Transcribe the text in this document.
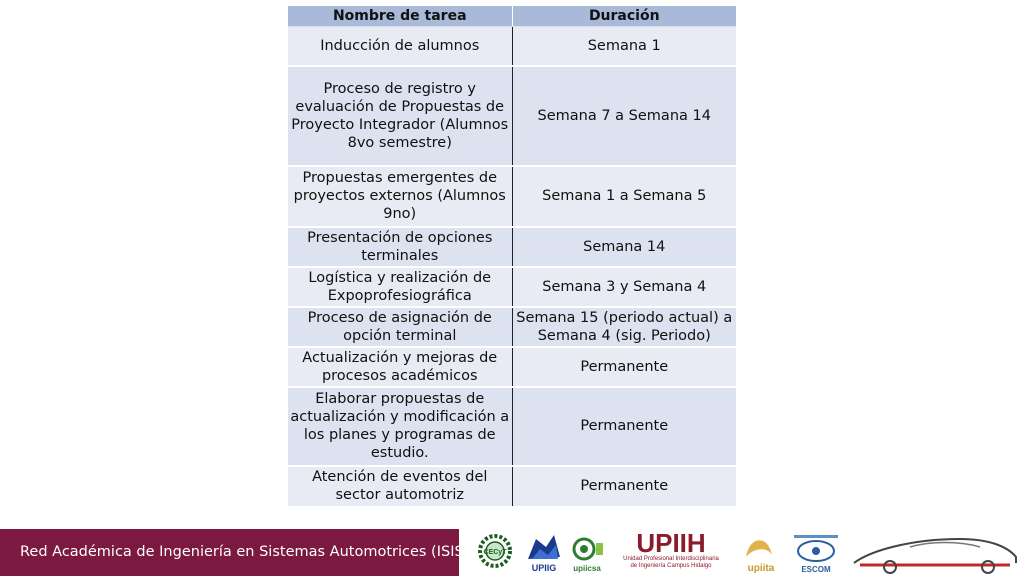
Nombre de tarea	Duración
Inducción de alumnos	Semana 1
Proceso de registro y evaluación de Propuestas de Proyecto Integrador (Alumnos 8vo semestre)	Semana 7 a Semana 14
Propuestas emergentes de proyectos externos (Alumnos 9no)	Semana 1 a Semana 5
Presentación de opciones terminales	Semana 14
Logística y realización de Expoprofesiográfica	Semana 3 y Semana 4
Proceso de asignación de opción terminal	Semana 15 (periodo actual) a Semana 4 (sig. Periodo)
Actualización y mejoras de procesos académicos	Permanente
Elaborar propuestas de actualización y modificación a los planes y programas de estudio.	Permanente
Atención de eventos del sector automotriz	Permanente
Red Académica de Ingeniería en Sistemas Automotrices (ISISA) CECyT
UPIIG upiicsa
UPIIH
Unidad Profesional Interdisciplinaria
de Ingeniería Campus Hidalgo	upiita	ESCOM
